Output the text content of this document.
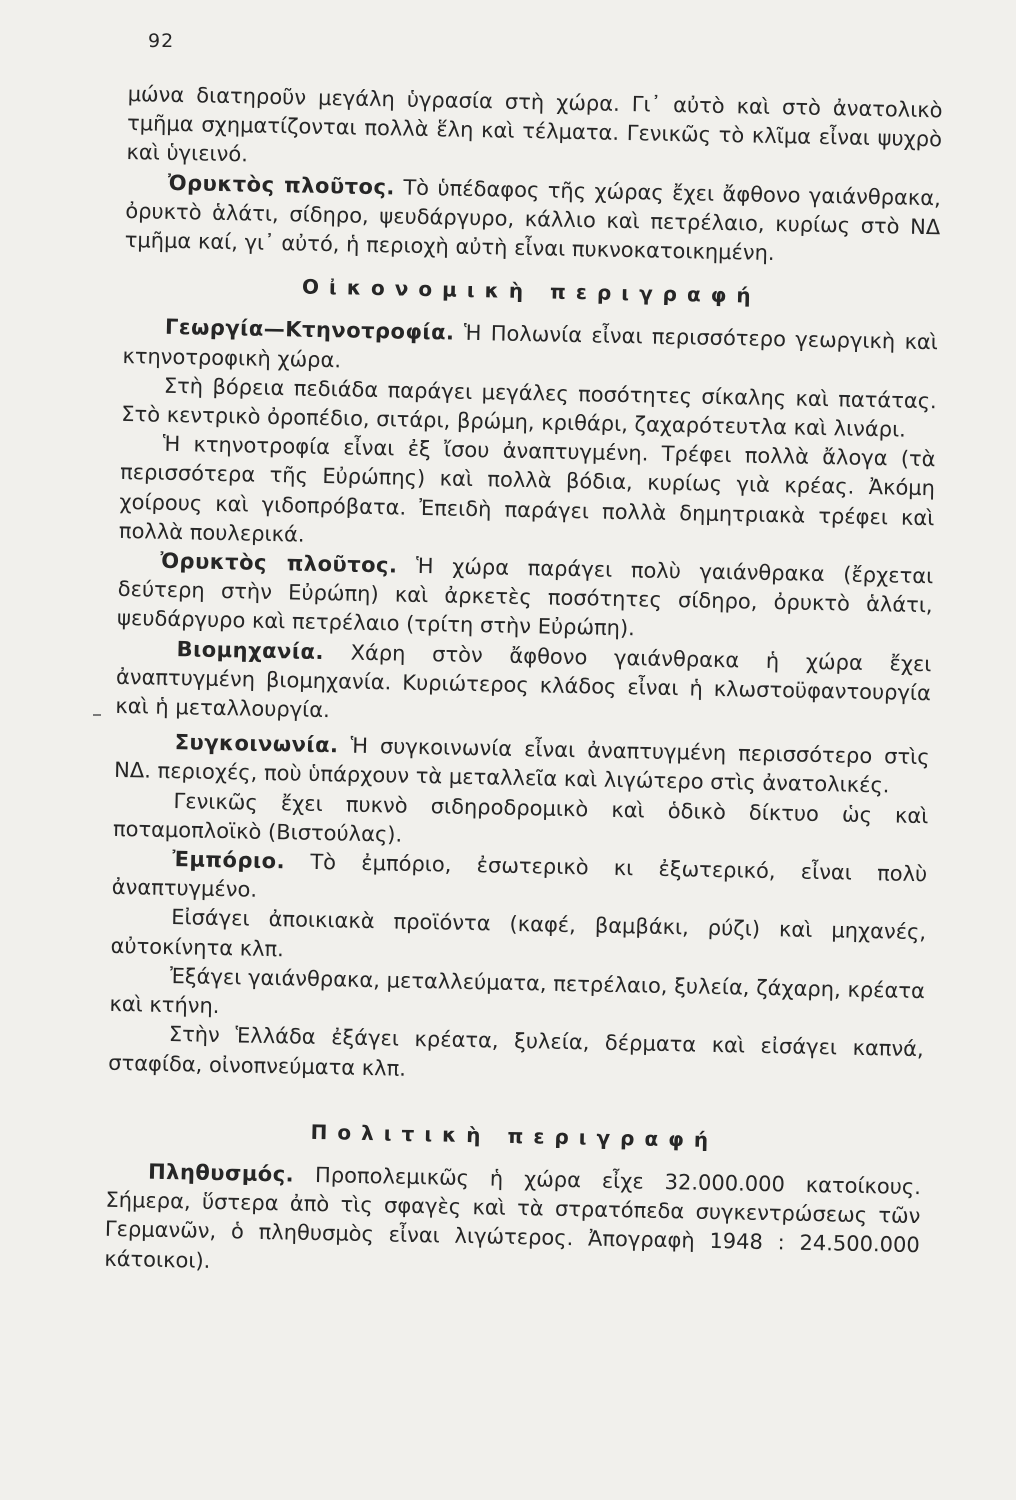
92

μώνα διατηροῦν μεγάλη ὑγρασία στὴ χώρα. Γι᾿ αὐτὸ καὶ στὸ ἀνατολικὸ τμῆμα σχηματίζονται πολλὰ ἕλη καὶ τέλματα. Γενικῶς τὸ κλῖμα εἶναι ψυχρὸ καὶ ὑγιεινό.

Ὀρυκτὸς πλοῦτος. Τὸ ὑπέδαφος τῆς χώρας ἔχει ἄφθονο γαιάνθρακα, ὀρυκτὸ ἁλάτι, σίδηρο, ψευδάργυρο, κάλλιο καὶ πετρέλαιο, κυρίως στὸ ΝΔ τμῆμα καί, γι᾿ αὐτό, ἡ περιοχὴ αὐτὴ εἶναι πυκνοκατοικημένη.

Οἰκονομικὴ περιγραφή

Γεωργία—Κτηνοτροφία. Ἡ Πολωνία εἶναι περισσότερο γεωργικὴ καὶ κτηνοτροφικὴ χώρα.

Στὴ βόρεια πεδιάδα παράγει μεγάλες ποσότητες σίκαλης καὶ πατάτας. Στὸ κεντρικὸ ὀροπέδιο, σιτάρι, βρώμη, κριθάρι, ζαχαρότευτλα καὶ λινάρι.

Ἡ κτηνοτροφία εἶναι ἐξ ἴσου ἀναπτυγμένη. Τρέφει πολλὰ ἄλογα (τὰ περισσότερα τῆς Εὐρώπης) καὶ πολλὰ βόδια, κυρίως γιὰ κρέας. Ἀκόμη χοίρους καὶ γιδοπρόβατα. Ἐπειδὴ παράγει πολλὰ δημητριακὰ τρέφει καὶ πολλὰ πουλερικά.

Ὀρυκτὸς πλοῦτος. Ἡ χώρα παράγει πολὺ γαιάνθρακα (ἔρχεται δεύτερη στὴν Εὐρώπη) καὶ ἀρκετὲς ποσότητες σίδηρο, ὀρυκτὸ ἁλάτι, ψευδάργυρο καὶ πετρέλαιο (τρίτη στὴν Εὐρώπη).

Βιομηχανία. Χάρη στὸν ἄφθονο γαιάνθρακα ἡ χώρα ἔχει ἀναπτυγμένη βιομηχανία. Κυριώτερος κλάδος εἶναι ἡ κλωστοϋφαντουργία καὶ ἡ μεταλλουργία.

Συγκοινωνία. Ἡ συγκοινωνία εἶναι ἀναπτυγμένη περισσότερο στὶς ΝΔ. περιοχές, ποὺ ὑπάρχουν τὰ μεταλλεῖα καὶ λιγώτερο στὶς ἀνατολικές.

Γενικῶς ἔχει πυκνὸ σιδηροδρομικὸ καὶ ὁδικὸ δίκτυο ὡς καὶ ποταμοπλοϊκὸ (Βιστούλας).

Ἐμπόριο. Τὸ ἐμπόριο, ἐσωτερικὸ κι ἐξωτερικό, εἶναι πολὺ ἀναπτυγμένο.

Εἰσάγει ἀποικιακὰ προϊόντα (καφέ, βαμβάκι, ρύζι) καὶ μηχανές, αὐτοκίνητα κλπ.

Ἐξάγει γαιάνθρακα, μεταλλεύματα, πετρέλαιο, ξυλεία, ζάχαρη, κρέατα καὶ κτήνη.

Στὴν Ἑλλάδα ἐξάγει κρέατα, ξυλεία, δέρματα καὶ εἰσάγει καπνά, σταφίδα, οἰνοπνεύματα κλπ.

Πολιτικὴ περιγραφή

Πληθυσμός. Προπολεμικῶς ἡ χώρα εἶχε 32.000.000 κατοίκους. Σήμερα, ὕστερα ἀπὸ τὶς σφαγὲς καὶ τὰ στρατόπεδα συγκεντρώσεως τῶν Γερμανῶν, ὁ πληθυσμὸς εἶναι λιγώτερος. Ἀπογραφὴ 1948 : 24.500.000 κάτοικοι).
